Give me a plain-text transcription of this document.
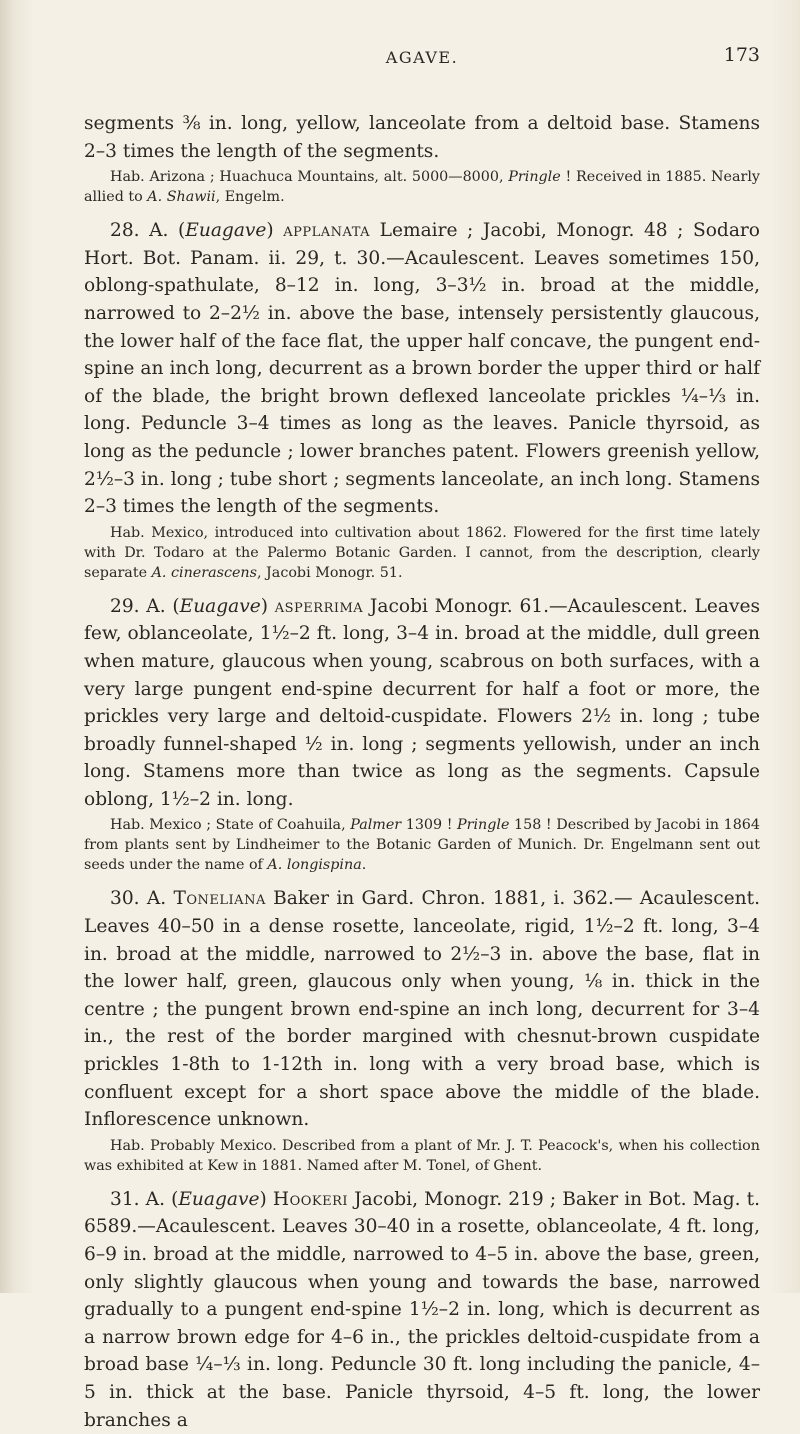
AGAVE.	173

segments ⅜ in. long, yellow, lanceolate from a deltoid base. Stamens 2–3 times the length of the segments.

Hab. Arizona ; Huachuca Mountains, alt. 5000—8000, Pringle ! Received in 1885. Nearly allied to A. Shawii, Engelm.

28. A. (Euagave) applanata Lemaire ; Jacobi, Monogr. 48 ; Sodaro Hort. Bot. Panam. ii. 29, t. 30.—Acaulescent. Leaves sometimes 150, oblong-spathulate, 8–12 in. long, 3–3½ in. broad at the middle, narrowed to 2–2½ in. above the base, intensely persistently glaucous, the lower half of the face flat, the upper half concave, the pungent end-spine an inch long, decurrent as a brown border the upper third or half of the blade, the bright brown deflexed lanceolate prickles ¼–⅓ in. long. Peduncle 3–4 times as long as the leaves. Panicle thyrsoid, as long as the peduncle ; lower branches patent. Flowers greenish yellow, 2½–3 in. long ; tube short ; segments lanceolate, an inch long. Stamens 2–3 times the length of the segments.

Hab. Mexico, introduced into cultivation about 1862. Flowered for the first time lately with Dr. Todaro at the Palermo Botanic Garden. I cannot, from the description, clearly separate A. cinerascens, Jacobi Monogr. 51.

29. A. (Euagave) asperrima Jacobi Monogr. 61.—Acaulescent. Leaves few, oblanceolate, 1½–2 ft. long, 3–4 in. broad at the middle, dull green when mature, glaucous when young, scabrous on both surfaces, with a very large pungent end-spine decurrent for half a foot or more, the prickles very large and deltoid-cuspidate. Flowers 2½ in. long ; tube broadly funnel-shaped ½ in. long ; segments yellowish, under an inch long. Stamens more than twice as long as the segments. Capsule oblong, 1½–2 in. long.

Hab. Mexico ; State of Coahuila, Palmer 1309 ! Pringle 158 ! Described by Jacobi in 1864 from plants sent by Lindheimer to the Botanic Garden of Munich. Dr. Engelmann sent out seeds under the name of A. longispina.

30. A. Toneliana Baker in Gard. Chron. 1881, i. 362.— Acaulescent. Leaves 40–50 in a dense rosette, lanceolate, rigid, 1½–2 ft. long, 3–4 in. broad at the middle, narrowed to 2½–3 in. above the base, flat in the lower half, green, glaucous only when young, ⅛ in. thick in the centre ; the pungent brown end-spine an inch long, decurrent for 3–4 in., the rest of the border margined with chesnut-brown cuspidate prickles 1-8th to 1-12th in. long with a very broad base, which is confluent except for a short space above the middle of the blade. Inflorescence unknown.

Hab. Probably Mexico. Described from a plant of Mr. J. T. Peacock's, when his collection was exhibited at Kew in 1881. Named after M. Tonel, of Ghent.

31. A. (Euagave) Hookeri Jacobi, Monogr. 219 ; Baker in Bot. Mag. t. 6589.—Acaulescent. Leaves 30–40 in a rosette, oblanceolate, 4 ft. long, 6–9 in. broad at the middle, narrowed to 4–5 in. above the base, green, only slightly glaucous when young and towards the base, narrowed gradually to a pungent end-spine 1½–2 in. long, which is decurrent as a narrow brown edge for 4–6 in., the prickles deltoid-cuspidate from a broad base ¼–⅓ in. long. Peduncle 30 ft. long including the panicle, 4–5 in. thick at the base. Panicle thyrsoid, 4–5 ft. long, the lower branches a
